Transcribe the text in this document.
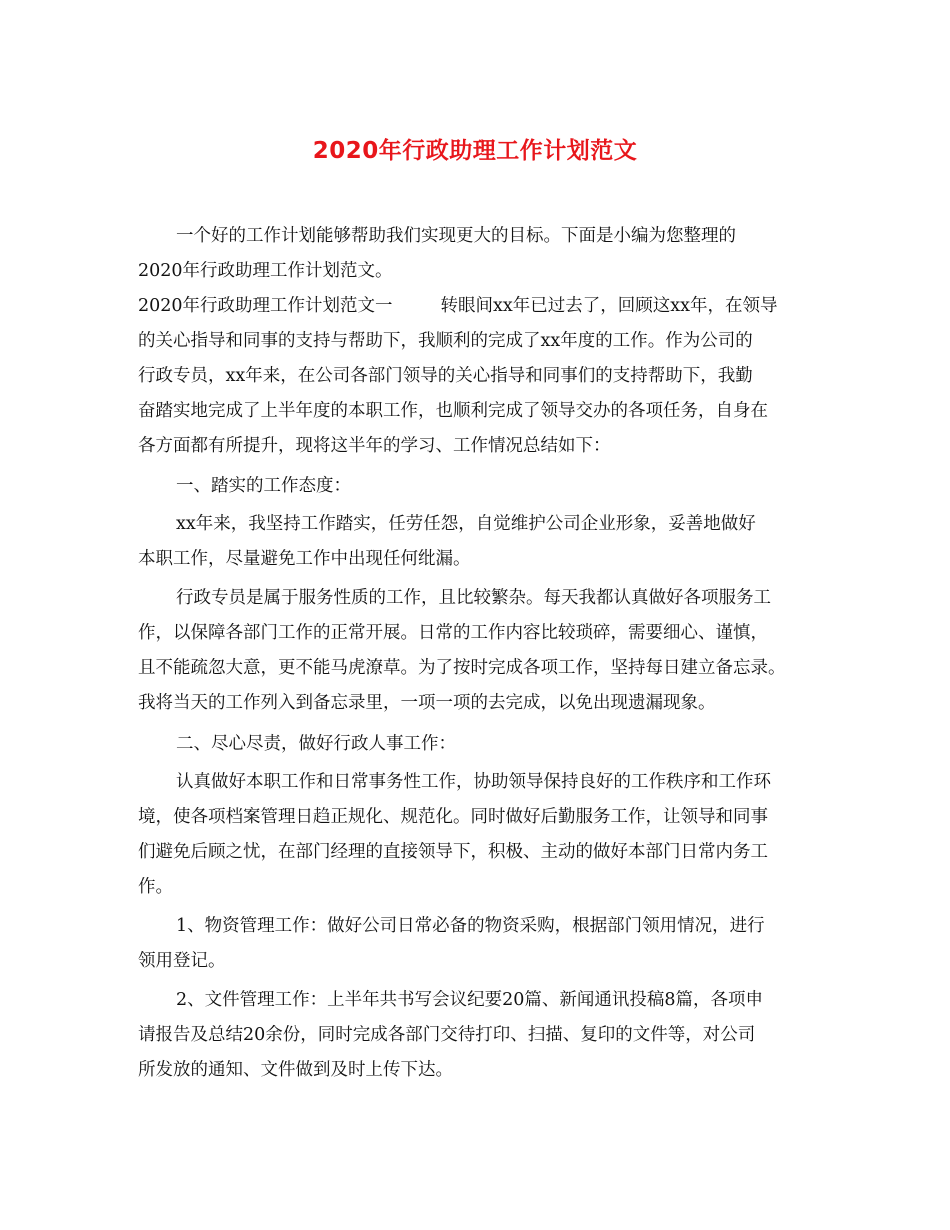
2020年行政助理工作计划范文
一个好的工作计划能够帮助我们实现更大的目标。下面是小编为您整理的
2020年行政助理工作计划范文。
2020年行政助理工作计划范文一	转眼间xx年已过去了，回顾这xx年，在领导
的关心指导和同事的支持与帮助下，我顺利的完成了xx年度的工作。作为公司的
行政专员，xx年来，在公司各部门领导的关心指导和同事们的支持帮助下，我勤
奋踏实地完成了上半年度的本职工作，也顺利完成了领导交办的各项任务，自身在
各方面都有所提升，现将这半年的学习、工作情况总结如下：
一、踏实的工作态度：
xx年来，我坚持工作踏实，任劳任怨，自觉维护公司企业形象，妥善地做好
本职工作，尽量避免工作中出现任何纰漏。
行政专员是属于服务性质的工作，且比较繁杂。每天我都认真做好各项服务工
作，以保障各部门工作的正常开展。日常的工作内容比较琐碎，需要细心、谨慎，
且不能疏忽大意，更不能马虎潦草。为了按时完成各项工作，坚持每日建立备忘录。
我将当天的工作列入到备忘录里，一项一项的去完成，以免出现遗漏现象。
二、尽心尽责，做好行政人事工作：
认真做好本职工作和日常事务性工作，协助领导保持良好的工作秩序和工作环
境，使各项档案管理日趋正规化、规范化。同时做好后勤服务工作，让领导和同事
们避免后顾之忧，在部门经理的直接领导下，积极、主动的做好本部门日常内务工
作。
1、物资管理工作：做好公司日常必备的物资采购，根据部门领用情况，进行
领用登记。
2、文件管理工作：上半年共书写会议纪要20篇、新闻通讯投稿8篇，各项申
请报告及总结20余份，同时完成各部门交待打印、扫描、复印的文件等，对公司
所发放的通知、文件做到及时上传下达。
